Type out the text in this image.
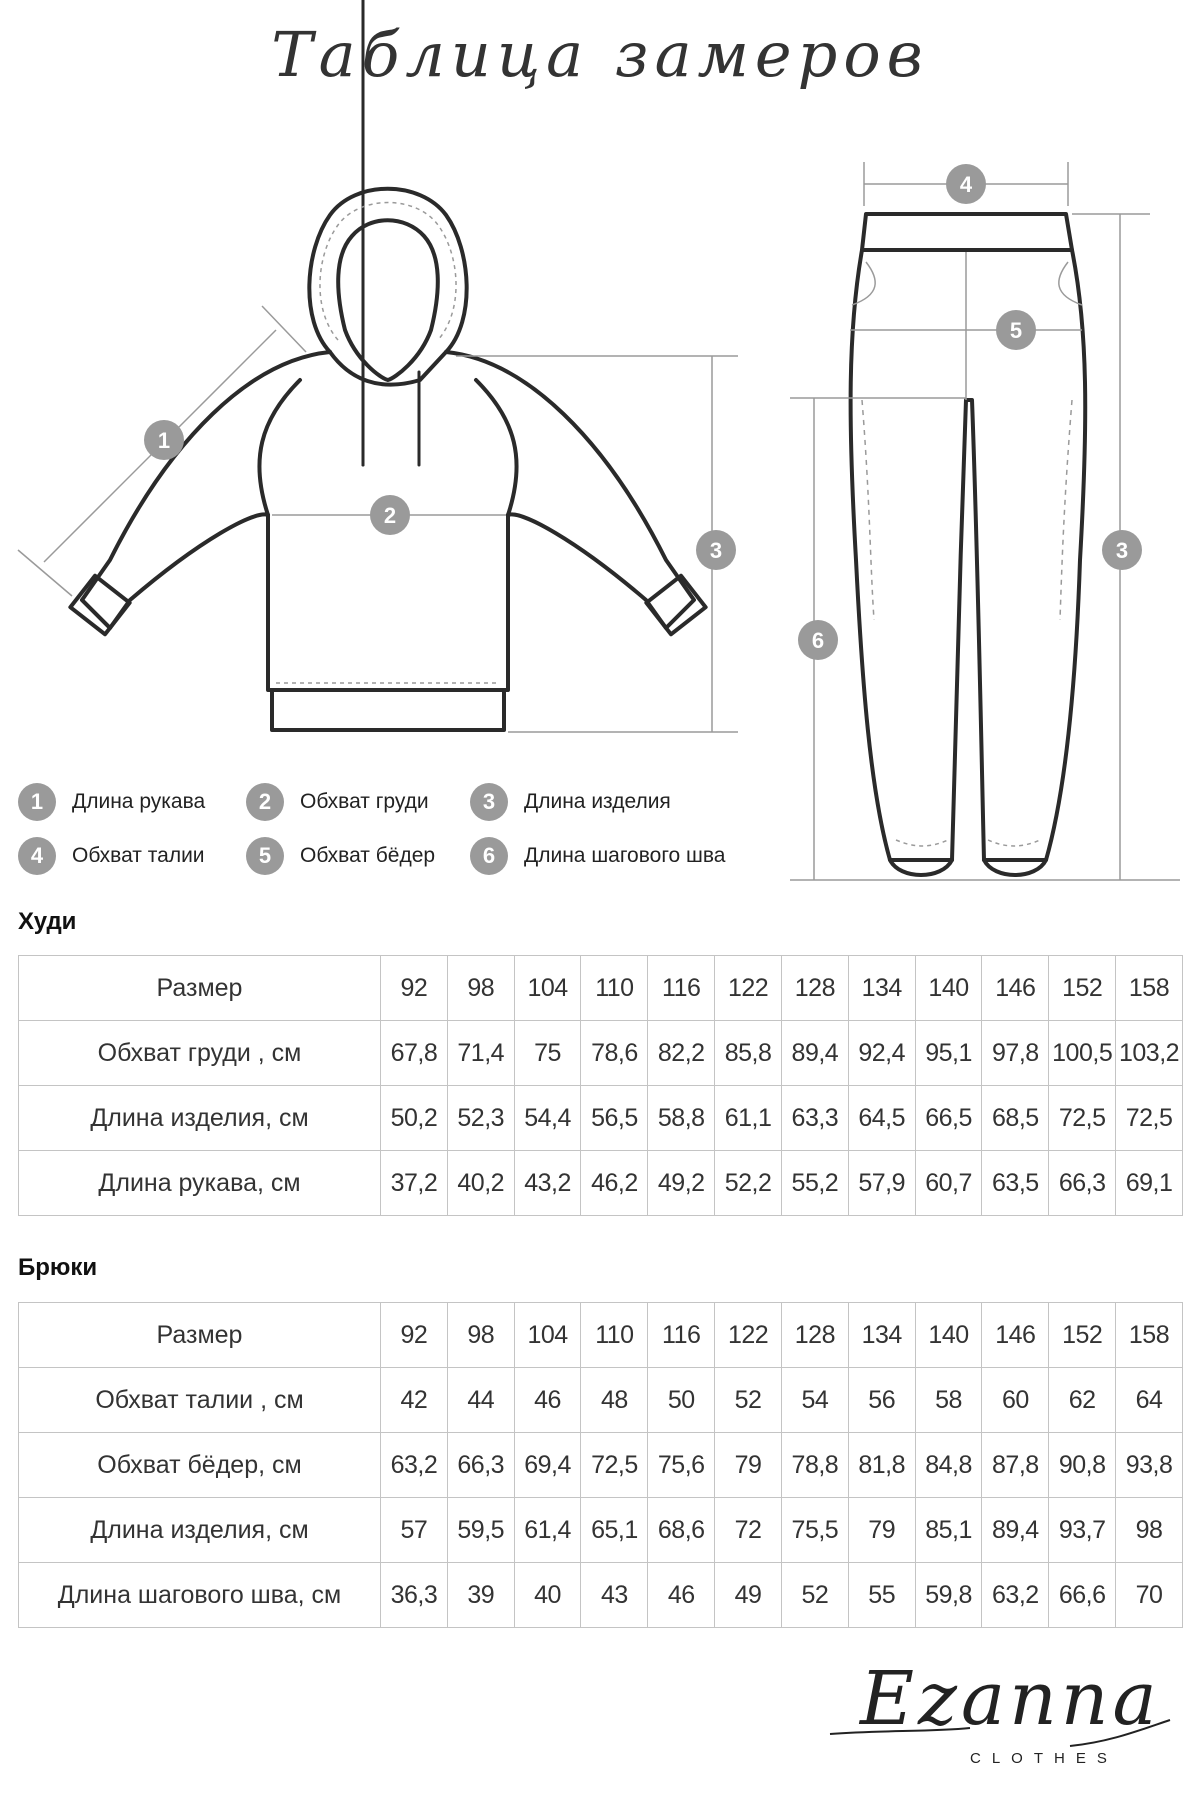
Таблица замеров
1
2
3
4
5
6
3
1	Длина рукава	2	Обхват груди	3	Длина изделия
4	Обхват талии	5	Обхват бёдер	6	Длина шагового шва
Худи
Размер	92	98	104	110	116	122	128	134	140	146	152	158
Обхват груди , см	67,8	71,4	75	78,6	82,2	85,8	89,4	92,4	95,1	97,8	100,5	103,2
Длина изделия, см	50,2	52,3	54,4	56,5	58,8	61,1	63,3	64,5	66,5	68,5	72,5	72,5
Длина рукава, см	37,2	40,2	43,2	46,2	49,2	52,2	55,2	57,9	60,7	63,5	66,3	69,1
Брюки
Размер	92	98	104	110	116	122	128	134	140	146	152	158
Обхват талии , см	42	44	46	48	50	52	54	56	58	60	62	64
Обхват бёдер, см	63,2	66,3	69,4	72,5	75,6	79	78,8	81,8	84,8	87,8	90,8	93,8
Длина изделия, см	57	59,5	61,4	65,1	68,6	72	75,5	79	85,1	89,4	93,7	98
Длина шагового шва, см	36,3	39	40	43	46	49	52	55	59,8	63,2	66,6	70
Ezanna
CLOTHES
